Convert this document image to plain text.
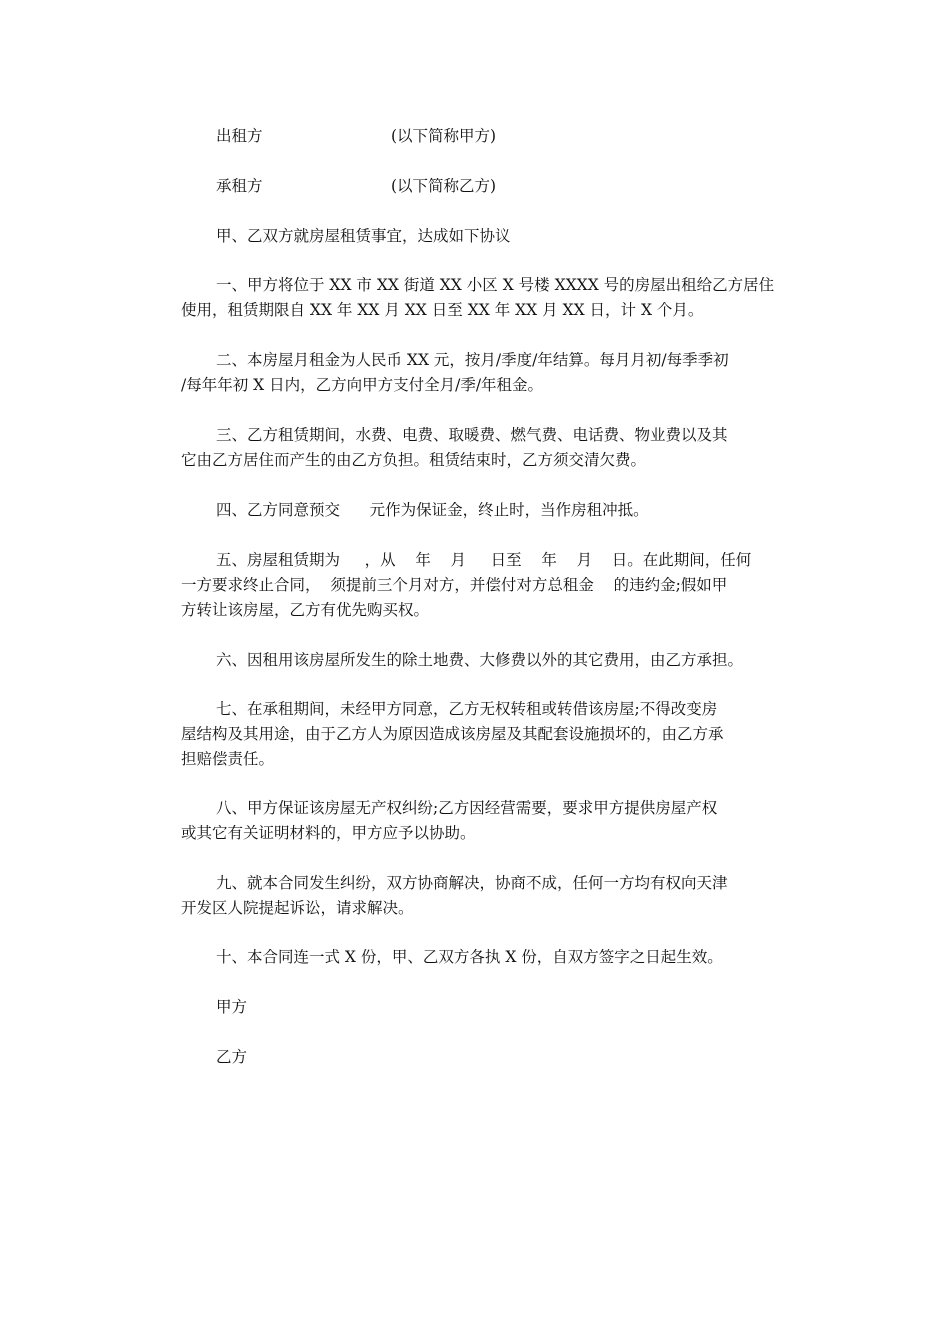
出租方	(以下简称甲方)
承租方	(以下简称乙方)
甲、乙双方就房屋租赁事宜，达成如下协议
一、甲方将位于 XX 市 XX 街道 XX 小区 X 号楼 XXXX 号的房屋出租给乙方居住
使用，租赁期限自 XX 年 XX 月 XX 日至 XX 年 XX 月 XX 日，计 X 个月。
二、本房屋月租金为人民币 XX 元，按月/季度/年结算。每月月初/每季季初
/每年年初 X 日内，乙方向甲方支付全月/季/年租金。
三、乙方租赁期间，水费、电费、取暖费、燃气费、电话费、物业费以及其
它由乙方居住而产生的由乙方负担。租赁结束时，乙方须交清欠费。
四、乙方同意预交      元作为保证金，终止时，当作房租冲抵。
五、房屋租赁期为     ，从    年    月     日至    年    月    日。在此期间，任何
一方要求终止合同，  须提前三个月对方，并偿付对方总租金    的违约金;假如甲
方转让该房屋，乙方有优先购买权。
六、因租用该房屋所发生的除土地费、大修费以外的其它费用，由乙方承担。
七、在承租期间，未经甲方同意，乙方无权转租或转借该房屋;不得改变房
屋结构及其用途，由于乙方人为原因造成该房屋及其配套设施损坏的，由乙方承
担赔偿责任。
八、甲方保证该房屋无产权纠纷;乙方因经营需要，要求甲方提供房屋产权
或其它有关证明材料的，甲方应予以协助。
九、就本合同发生纠纷，双方协商解决，协商不成，任何一方均有权向天津
开发区人院提起诉讼，请求解决。
十、本合同连一式 X 份，甲、乙双方各执 X 份，自双方签字之日起生效。
甲方
乙方
